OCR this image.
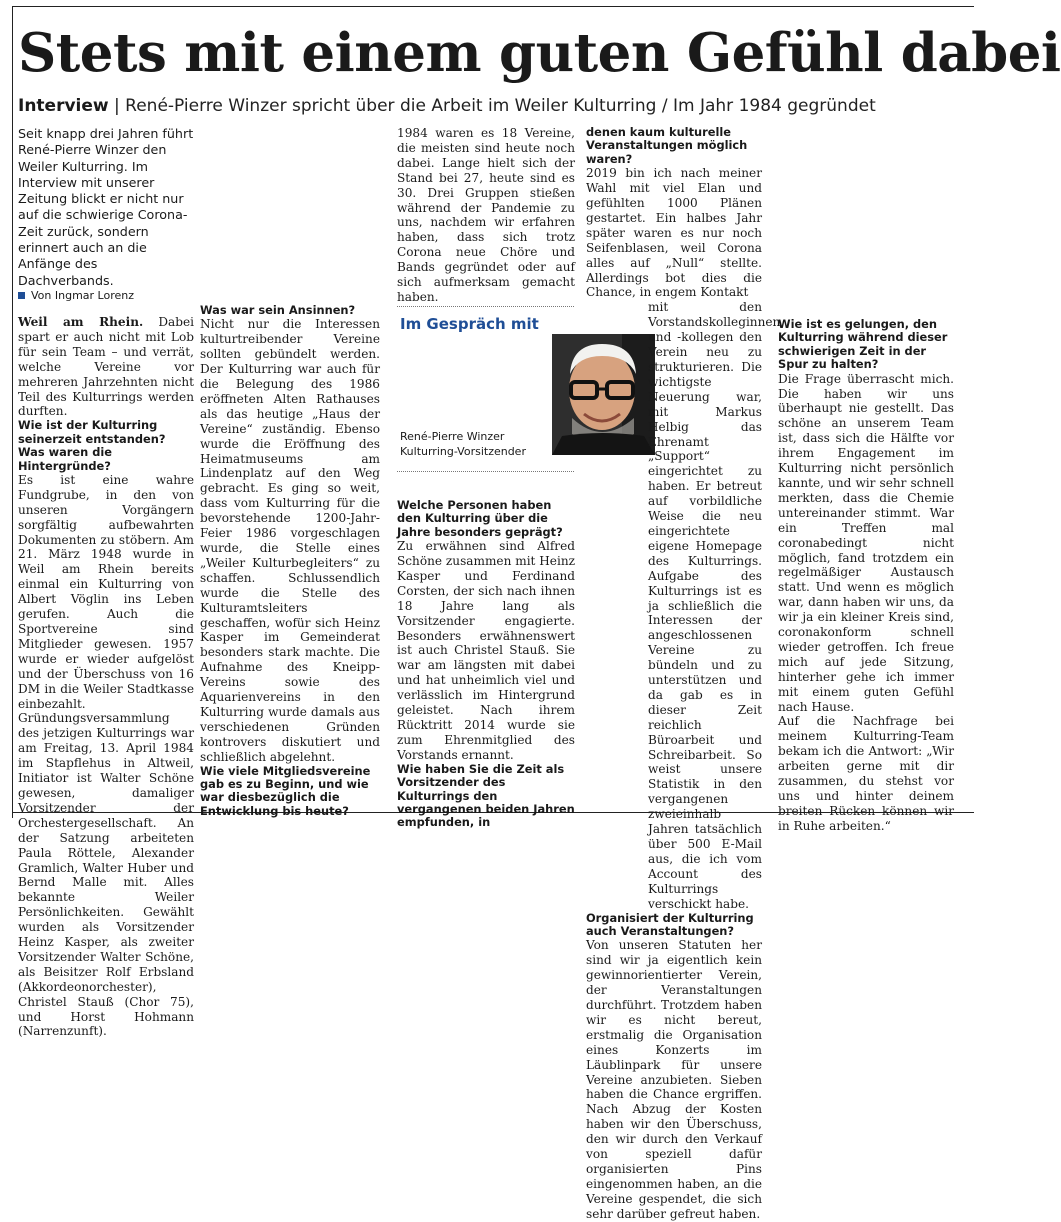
Stets mit einem guten Gefühl dabei
Interview | René-Pierre Winzer spricht über die Arbeit im Weiler Kulturring / Im Jahr 1984 gegründet

Seit knapp drei Jahren führt René-Pierre Winzer den Weiler Kulturring. Im Interview mit unserer Zeitung blickt er nicht nur auf die schwierige Corona-Zeit zurück, sondern erinnert auch an die Anfänge des Dachverbands.

Von Ingmar Lorenz

Weil am Rhein. Dabei spart er auch nicht mit Lob für sein Team – und verrät, welche Vereine vor mehreren Jahrzehnten nicht Teil des Kulturrings werden durften.

Wie ist der Kulturring seinerzeit entstanden? Was waren die Hintergründe?

Es ist eine wahre Fundgrube, in den von unseren Vorgängern sorgfältig aufbewahrten Dokumenten zu stöbern. Am 21. März 1948 wurde in Weil am Rhein bereits einmal ein Kulturring von Albert Vöglin ins Leben gerufen. Auch die Sportvereine sind Mitglieder gewesen. 1957 wurde er wieder aufgelöst und der Überschuss von 16 DM in die Weiler Stadtkasse einbezahlt. Gründungsversammlung des jetzigen Kulturrings war am Freitag, 13. April 1984 im Stapflehus in Altweil, Initiator ist Walter Schöne gewesen, damaliger Vorsitzender der Orchestergesellschaft. An der Satzung arbeiteten Paula Röttele, Alexander Gramlich, Walter Huber und Bernd Malle mit. Alles bekannte Weiler Persönlichkeiten. Gewählt wurden als Vorsitzender Heinz Kasper, als zweiter Vorsitzender Walter Schöne, als Beisitzer Rolf Erbsland (Akkordeonorchester), Christel Stauß (Chor 75), und Horst Hohmann (Narrenzunft).

Was war sein Ansinnen?

Nicht nur die Interessen kulturtreibender Vereine sollten gebündelt werden. Der Kulturring war auch für die Belegung des 1986 eröffneten Alten Rathauses als das heutige „Haus der Vereine“ zuständig. Ebenso wurde die Eröffnung des Heimatmuseums am Lindenplatz auf den Weg gebracht. Es ging so weit, dass vom Kulturring für die bevorstehende 1200-Jahr-Feier 1986 vorgeschlagen wurde, die Stelle eines „Weiler Kulturbegleiters“ zu schaffen. Schlussendlich wurde die Stelle des Kulturamtsleiters geschaffen, wofür sich Heinz Kasper im Gemeinderat besonders stark machte. Die Aufnahme des Kneipp-Vereins sowie des Aquarienvereins in den Kulturring wurde damals aus verschiedenen Gründen kontrovers diskutiert und schließlich abgelehnt.

Wie viele Mitgliedsvereine gab es zu Beginn, und wie war diesbezüglich die Entwicklung bis heute?

1984 waren es 18 Vereine, die meisten sind heute noch dabei. Lange hielt sich der Stand bei 27, heute sind es 30. Drei Gruppen stießen während der Pandemie zu uns, nachdem wir erfahren haben, dass sich trotz Corona neue Chöre und Bands gegründet oder auf sich aufmerksam gemacht haben.

Welche Personen haben den Kulturring über die Jahre besonders geprägt?

Zu erwähnen sind Alfred Schöne zusammen mit Heinz Kasper und Ferdinand Corsten, der sich nach ihnen 18 Jahre lang als Vorsitzender engagierte. Besonders erwähnenswert ist auch Christel Stauß. Sie war am längsten mit dabei und hat unheimlich viel und verlässlich im Hintergrund geleistet. Nach ihrem Rücktritt 2014 wurde sie zum Ehrenmitglied des Vorstands ernannt.

Wie haben Sie die Zeit als Vorsitzender des Kulturrings den vergangenen beiden Jahren empfunden, in

Im Gespräch mit
René-Pierre Winzer
Kulturring-Vorsitzender

denen kaum kulturelle Veranstaltungen möglich waren?

2019 bin ich nach meiner Wahl mit viel Elan und gefühlten 1000 Plänen gestartet. Ein halbes Jahr später waren es nur noch Seifenblasen, weil Corona alles auf „Null“ stellte. Allerdings bot dies die Chance, in engem Kontakt

mit den Vorstandskolleginnen und -kollegen den Verein neu zu strukturieren. Die wichtigste Neuerung war, mit Markus Helbig das Ehrenamt „Support“ eingerichtet zu haben. Er betreut auf vorbildliche Weise die neu eingerichtete eigene Homepage des Kulturrings. Aufgabe des Kulturrings ist es ja schließlich die Interessen der angeschlossenen Vereine zu bündeln und zu unterstützen und da gab es in dieser Zeit reichlich Büroarbeit und Schreibarbeit. So weist unsere Statistik in den vergangenen zweieinhalb Jahren tatsächlich über 500 E-Mail aus, die ich vom Account des Kulturrings verschickt habe.

Organisiert der Kulturring auch Veranstaltungen?

Von unseren Statuten her sind wir ja eigentlich kein gewinnorientierter Verein, der Veranstaltungen durchführt. Trotzdem haben wir es nicht bereut, erstmalig die Organisation eines Konzerts im Läublinpark für unsere Vereine anzubieten. Sieben haben die Chance ergriffen. Nach Abzug der Kosten haben wir den Überschuss, den wir durch den Verkauf von speziell dafür organisierten Pins eingenommen haben, an die Vereine gespendet, die sich sehr darüber gefreut haben.

Wie ist es gelungen, den Kulturring während dieser schwierigen Zeit in der Spur zu halten?

Die Frage überrascht mich. Die haben wir uns überhaupt nie gestellt. Das schöne an unserem Team ist, dass sich die Hälfte vor ihrem Engagement im Kulturring nicht persönlich kannte, und wir sehr schnell merkten, dass die Chemie untereinander stimmt. War ein Treffen mal coronabedingt nicht möglich, fand trotzdem ein regelmäßiger Austausch statt. Und wenn es möglich war, dann haben wir uns, da wir ja ein kleiner Kreis sind, coronakonform schnell wieder getroffen. Ich freue mich auf jede Sitzung, hinterher gehe ich immer mit einem guten Gefühl nach Hause.

Auf die Nachfrage bei meinem Kulturring-Team bekam ich die Antwort: „Wir arbeiten gerne mit dir zusammen, du stehst vor uns und hinter deinem breiten Rücken können wir in Ruhe arbeiten.“
